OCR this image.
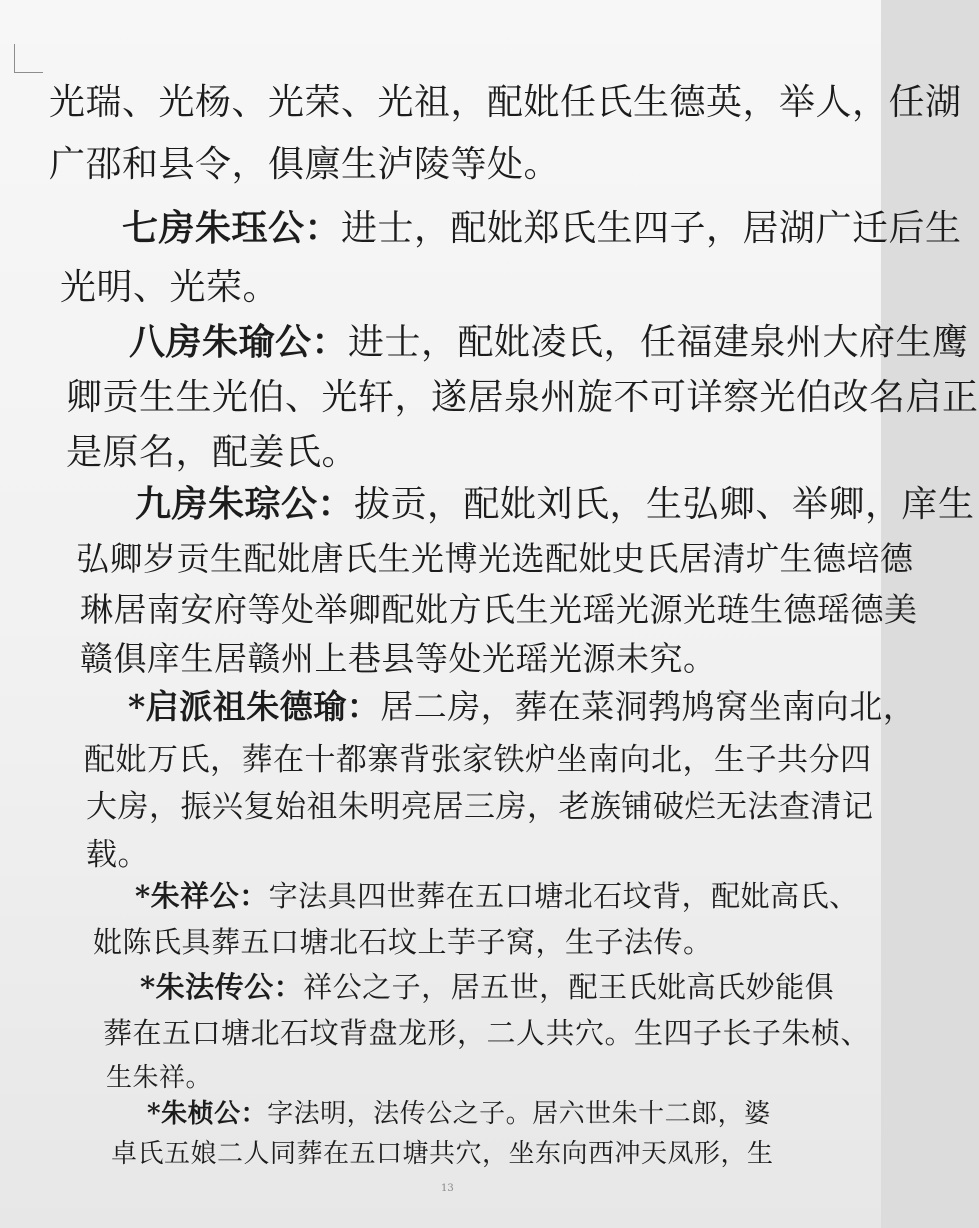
光瑞、光杨、光荣、光祖，配妣任氏生德英，举人，任湖
广邵和县令，俱廪生泸陵等处。
七房朱珏公：进士，配妣郑氏生四子，居湖广迁后生
光明、光荣。
八房朱瑜公：进士，配妣凌氏，任福建泉州大府生鹰
卿贡生生光伯、光轩，遂居泉州旋不可详察光伯改名启正
是原名，配姜氏。
九房朱琮公：拔贡，配妣刘氏，生弘卿、举卿，庠生
弘卿岁贡生配妣唐氏生光博光选配妣史氏居清圹生德培德
琳居南安府等处举卿配妣方氏生光瑶光源光琏生德瑶德美
赣俱庠生居赣州上巷县等处光瑶光源未究。
*启派祖朱德瑜：居二房，葬在菜洞鹁鸠窝坐南向北，
配妣万氏，葬在十都寨背张家铁炉坐南向北，生子共分四
大房，振兴复始祖朱明亮居三房，老族铺破烂无法查清记
载。
*朱祥公：字法具四世葬在五口塘北石坟背，配妣高氏、
妣陈氏具葬五口塘北石坟上芋子窝，生子法传。
*朱法传公：祥公之子，居五世，配王氏妣高氏妙能俱
葬在五口塘北石坟背盘龙形，二人共穴。生四子长子朱桢、
生朱祥。
*朱桢公：字法明，法传公之子。居六世朱十二郎，婆
卓氏五娘二人同葬在五口塘共穴，坐东向西冲天凤形，生
13
